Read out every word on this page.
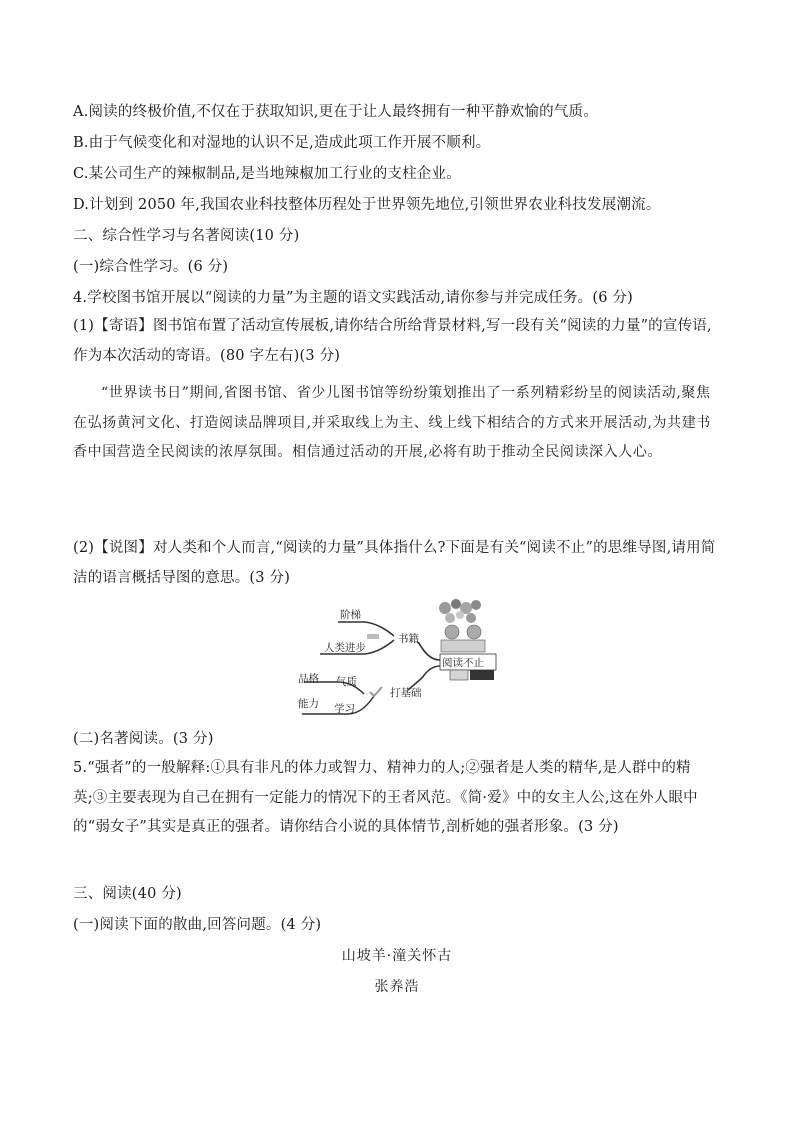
A.阅读的终极价值,不仅在于获取知识,更在于让人最终拥有一种平静欢愉的气质。
B.由于气候变化和对湿地的认识不足,造成此项工作开展不顺利。
C.某公司生产的辣椒制品,是当地辣椒加工行业的支柱企业。
D.计划到 2050 年,我国农业科技整体历程处于世界领先地位,引领世界农业科技发展潮流。
二、综合性学习与名著阅读(10 分)
(一)综合性学习。(6 分)
4.学校图书馆开展以“阅读的力量”为主题的语文实践活动,请你参与并完成任务。(6 分)
(1)【寄语】图书馆布置了活动宣传展板,请你结合所给背景材料,写一段有关“阅读的力量”的宣传语,作为本次活动的寄语。(80 字左右)(3 分)
“世界读书日”期间,省图书馆、省少儿图书馆等纷纷策划推出了一系列精彩纷呈的阅读活动,聚焦在弘扬黄河文化、打造阅读品牌项目,并采取线上为主、线上线下相结合的方式来开展活动,为共建书香中国营造全民阅读的浓厚氛围。相信通过活动的开展,必将有助于推动全民阅读深入人心。
(2)【说图】对人类和个人而言,“阅读的力量”具体指什么?下面是有关“阅读不止”的思维导图,请用简洁的语言概括导图的意思。(3 分)
阅读不止
书籍
打基础
阶梯
人类进步
品格 气质
能力 学习
(二)名著阅读。(3 分)
5.“强者”的一般解释:①具有非凡的体力或智力、精神力的人;②强者是人类的精华,是人群中的精英;③主要表现为自己在拥有一定能力的情况下的王者风范。《简·爱》中的女主人公,这在外人眼中的“弱女子”其实是真正的强者。请你结合小说的具体情节,剖析她的强者形象。(3 分)
三、阅读(40 分)
(一)阅读下面的散曲,回答问题。(4 分)
山坡羊·潼关怀古
张养浩
